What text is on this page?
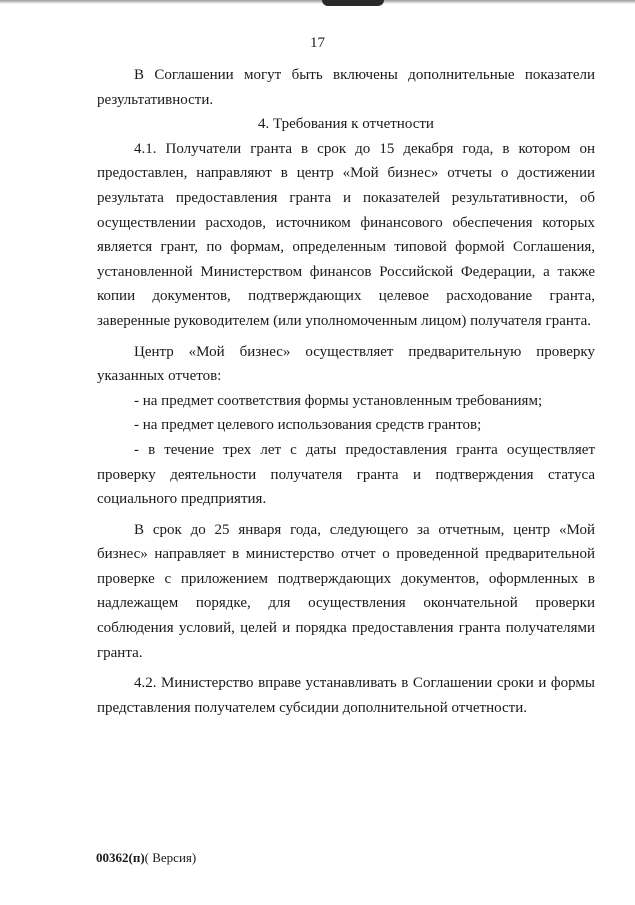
17

В Соглашении могут быть включены дополнительные показатели результативности.

4. Требования к отчетности

4.1. Получатели гранта в срок до 15 декабря года, в котором он предоставлен, направляют в центр «Мой бизнес» отчеты о достижении результата предоставления гранта и показателей результативности, об осуществлении расходов, источником финансового обеспечения которых является грант, по формам, определенным типовой формой Соглашения, установленной Министерством финансов Российской Федерации, а также копии документов, подтверждающих целевое расходование гранта, заверенные руководителем (или уполномоченным лицом) получателя гранта.

Центр «Мой бизнес» осуществляет предварительную проверку указанных отчетов:

- на предмет соответствия формы установленным требованиям;

- на предмет целевого использования средств грантов;

- в течение трех лет с даты предоставления гранта осуществляет проверку деятельности получателя гранта и подтверждения статуса социального предприятия.

В срок до 25 января года, следующего за отчетным, центр «Мой бизнес» направляет в министерство отчет о проведенной предварительной проверке с приложением подтверждающих документов, оформленных в надлежащем порядке, для осуществления окончательной проверки соблюдения условий, целей и порядка предоставления гранта получателями гранта.

4.2. Министерство вправе устанавливать в Соглашении сроки и формы представления получателем субсидии дополнительной отчетности.

00362(п)( Версия)
